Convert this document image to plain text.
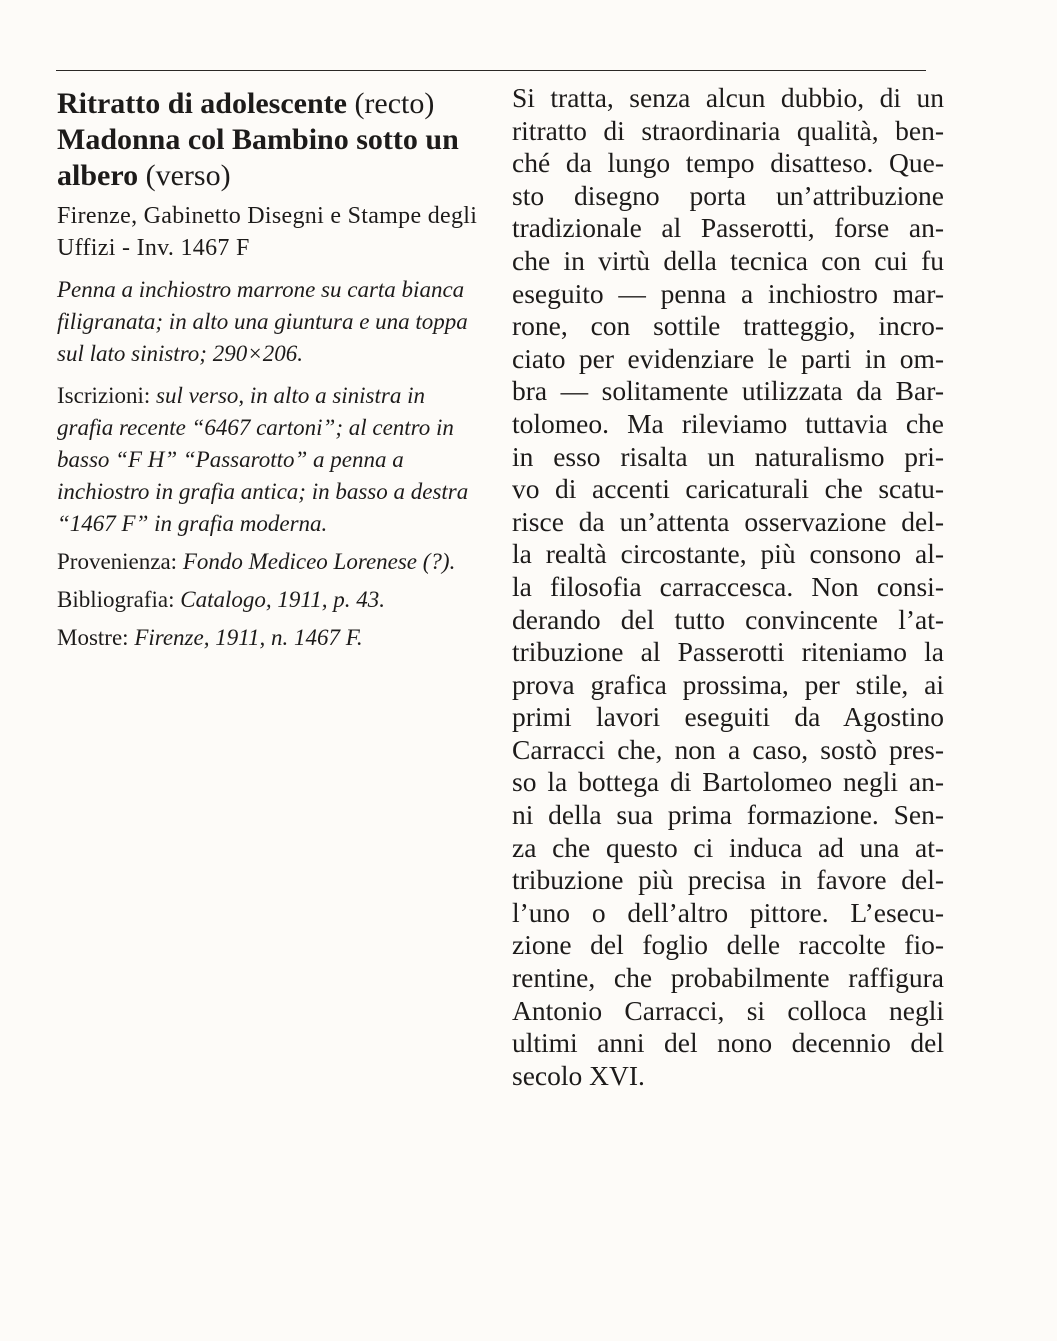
Ritratto di adolescente (recto)
Madonna col Bambino sotto un albero (verso)

Firenze, Gabinetto Disegni e Stampe degli Uffizi - Inv. 1467 F

Penna a inchiostro marrone su carta bianca filigranata; in alto una giuntura e una toppa sul lato sinistro; 290×206.

Iscrizioni: sul verso, in alto a sinistra in grafia recente “6467 cartoni”; al centro in basso “F H” “Passarotto” a penna a inchiostro in grafia antica; in basso a destra “1467 F” in grafia moderna.

Provenienza: Fondo Mediceo Lorenese (?).

Bibliografia: Catalogo, 1911, p. 43.

Mostre: Firenze, 1911, n. 1467 F.

Si tratta, senza alcun dubbio, di un
ritratto di straordinaria qualità, ben-
ché da lungo tempo disatteso. Que-
sto disegno porta un’attribuzione
tradizionale al Passerotti, forse an-
che in virtù della tecnica con cui fu
eseguito — penna a inchiostro mar-
rone, con sottile tratteggio, incro-
ciato per evidenziare le parti in om-
bra — solitamente utilizzata da Bar-
tolomeo. Ma rileviamo tuttavia che
in esso risalta un naturalismo pri-
vo di accenti caricaturali che scatu-
risce da un’attenta osservazione del-
la realtà circostante, più consono al-
la filosofia carraccesca. Non consi-
derando del tutto convincente l’at-
tribuzione al Passerotti riteniamo la
prova grafica prossima, per stile, ai
primi lavori eseguiti da Agostino
Carracci che, non a caso, sostò pres-
so la bottega di Bartolomeo negli an-
ni della sua prima formazione. Sen-
za che questo ci induca ad una at-
tribuzione più precisa in favore del-
l’uno o dell’altro pittore. L’esecu-
zione del foglio delle raccolte fio-
rentine, che probabilmente raffigura
Antonio Carracci, si colloca negli
ultimi anni del nono decennio del
secolo XVI.
